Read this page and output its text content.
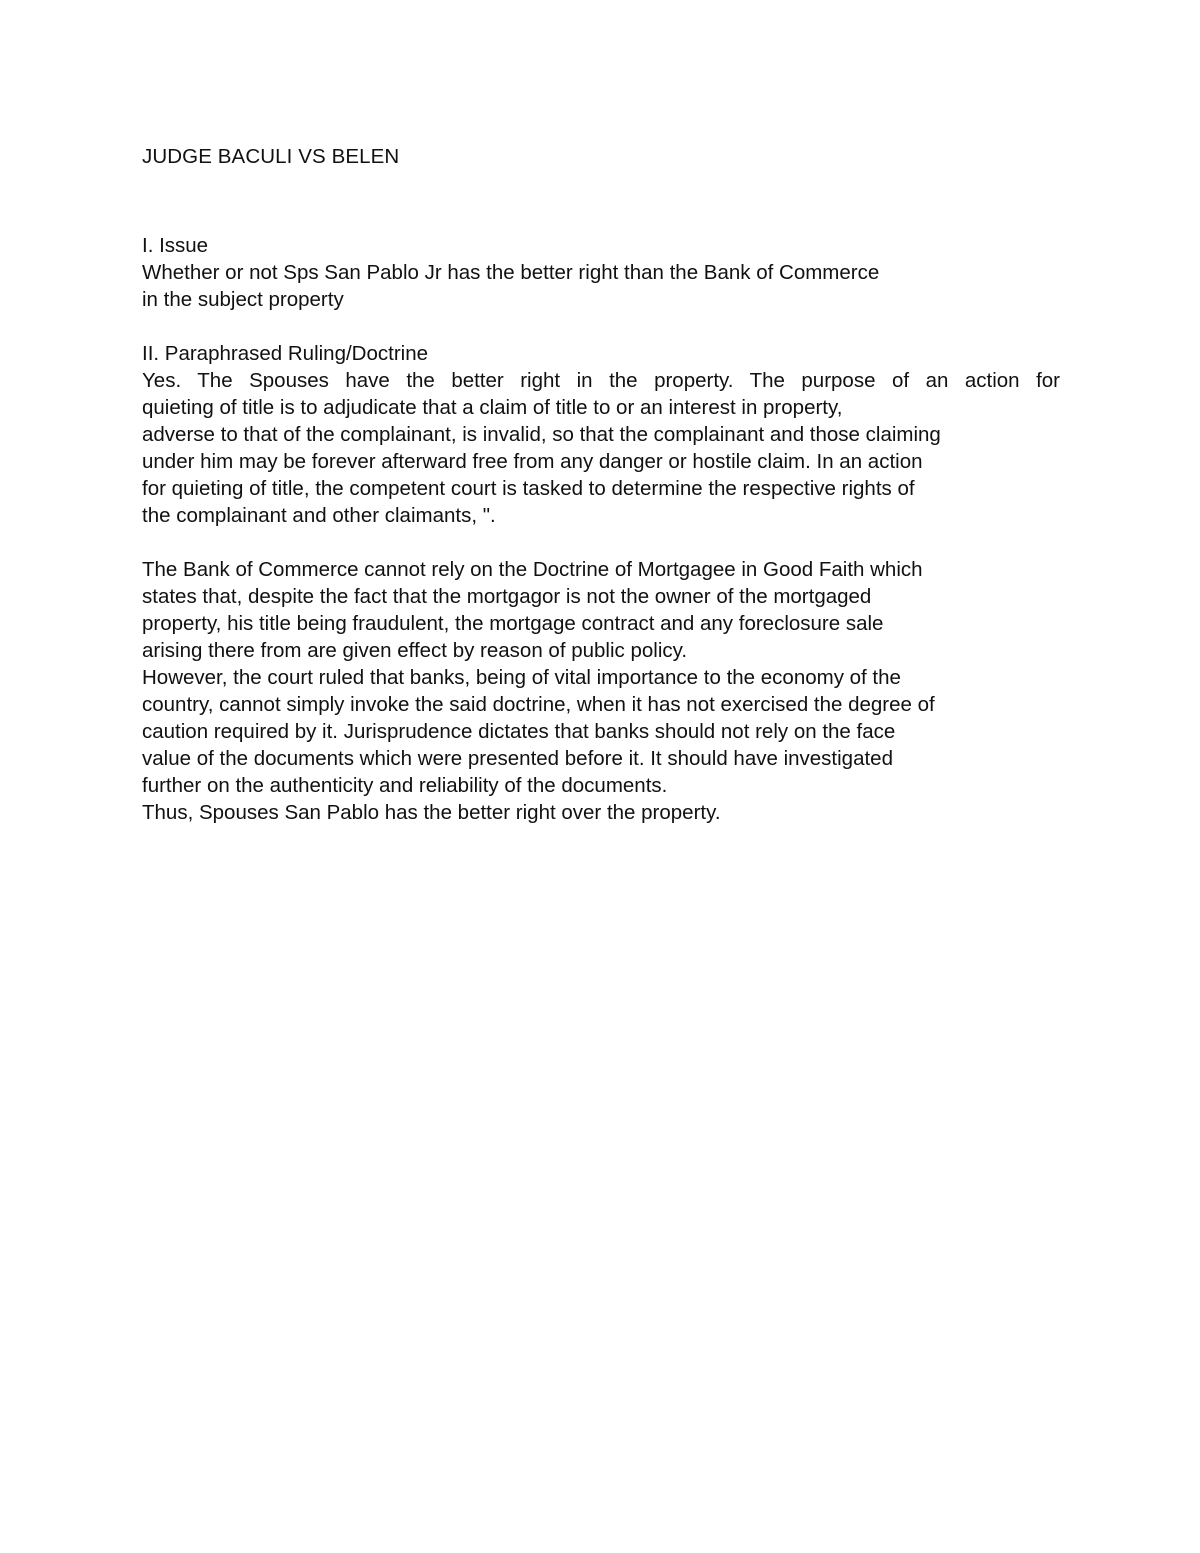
JUDGE BACULI VS BELEN
I. Issue
Whether or not Sps San Pablo Jr has the better right than the Bank of Commerce
in the subject property
II. Paraphrased Ruling/Doctrine
Yes. The Spouses have the better right in the property. The purpose of an action for
quieting of title is to adjudicate that a claim of title to or an interest in property,
adverse to that of the complainant, is invalid, so that the complainant and those claiming
under him may be forever afterward free from any danger or hostile claim. In an action
for quieting of title, the competent court is tasked to determine the respective rights of
the complainant and other claimants, ".
The Bank of Commerce cannot rely on the Doctrine of Mortgagee in Good Faith which
states that, despite the fact that the mortgagor is not the owner of the mortgaged
property, his title being fraudulent, the mortgage contract and any foreclosure sale
arising there from are given effect by reason of public policy.
However, the court ruled that banks, being of vital importance to the economy of the
country, cannot simply invoke the said doctrine, when it has not exercised the degree of
caution required by it. Jurisprudence dictates that banks should not rely on the face
value of the documents which were presented before it. It should have investigated
further on the authenticity and reliability of the documents.
Thus, Spouses San Pablo has the better right over the property.
